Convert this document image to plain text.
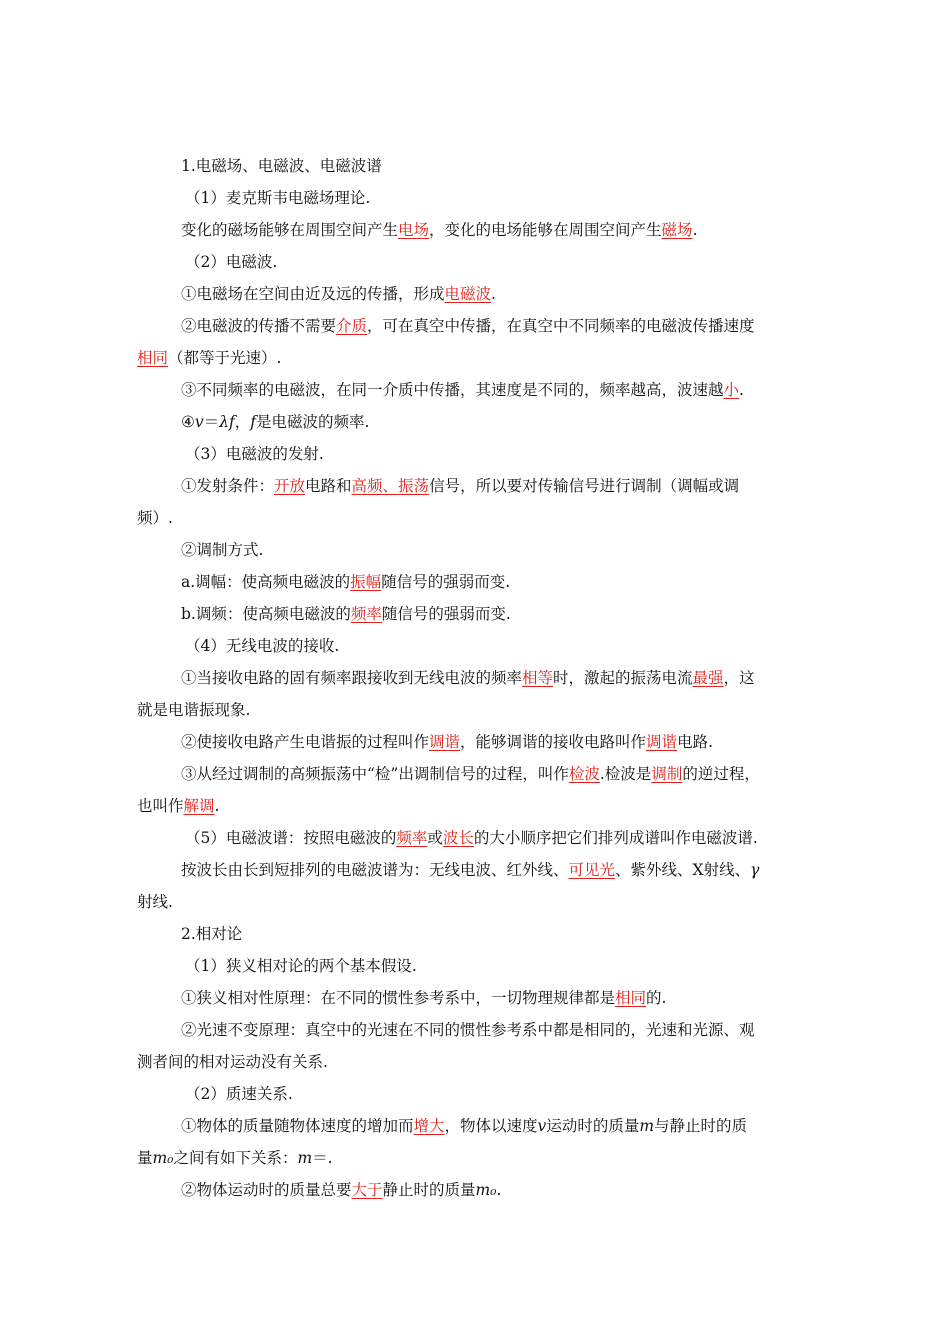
1.电磁场、电磁波、电磁波谱

（1）麦克斯韦电磁场理论.

变化的磁场能够在周围空间产生电场，变化的电场能够在周围空间产生磁场.

（2）电磁波.

①电磁场在空间由近及远的传播，形成电磁波.

②电磁波的传播不需要介质，可在真空中传播，在真空中不同频率的电磁波传播速度

相同（都等于光速）.

③不同频率的电磁波，在同一介质中传播，其速度是不同的，频率越高，波速越小.

④v＝λf，f是电磁波的频率.

（3）电磁波的发射.

①发射条件：开放电路和高频、振荡信号，所以要对传输信号进行调制（调幅或调

频）.

②调制方式.

a.调幅：使高频电磁波的振幅随信号的强弱而变.

b.调频：使高频电磁波的频率随信号的强弱而变.

（4）无线电波的接收.

①当接收电路的固有频率跟接收到无线电波的频率相等时，激起的振荡电流最强，这

就是电谐振现象.

②使接收电路产生电谐振的过程叫作调谐，能够调谐的接收电路叫作调谐电路.

③从经过调制的高频振荡中“检”出调制信号的过程，叫作检波.检波是调制的逆过程，

也叫作解调.

（5）电磁波谱：按照电磁波的频率或波长的大小顺序把它们排列成谱叫作电磁波谱.

按波长由长到短排列的电磁波谱为：无线电波、红外线、可见光、紫外线、X射线、γ

射线.

2.相对论

（1）狭义相对论的两个基本假设.

①狭义相对性原理：在不同的惯性参考系中，一切物理规律都是相同的.

②光速不变原理：真空中的光速在不同的惯性参考系中都是相同的，光速和光源、观

测者间的相对运动没有关系.

（2）质速关系.

①物体的质量随物体速度的增加而增大，物体以速度v运动时的质量m与静止时的质

量m₀之间有如下关系：m＝.

②物体运动时的质量总要大于静止时的质量m₀.
